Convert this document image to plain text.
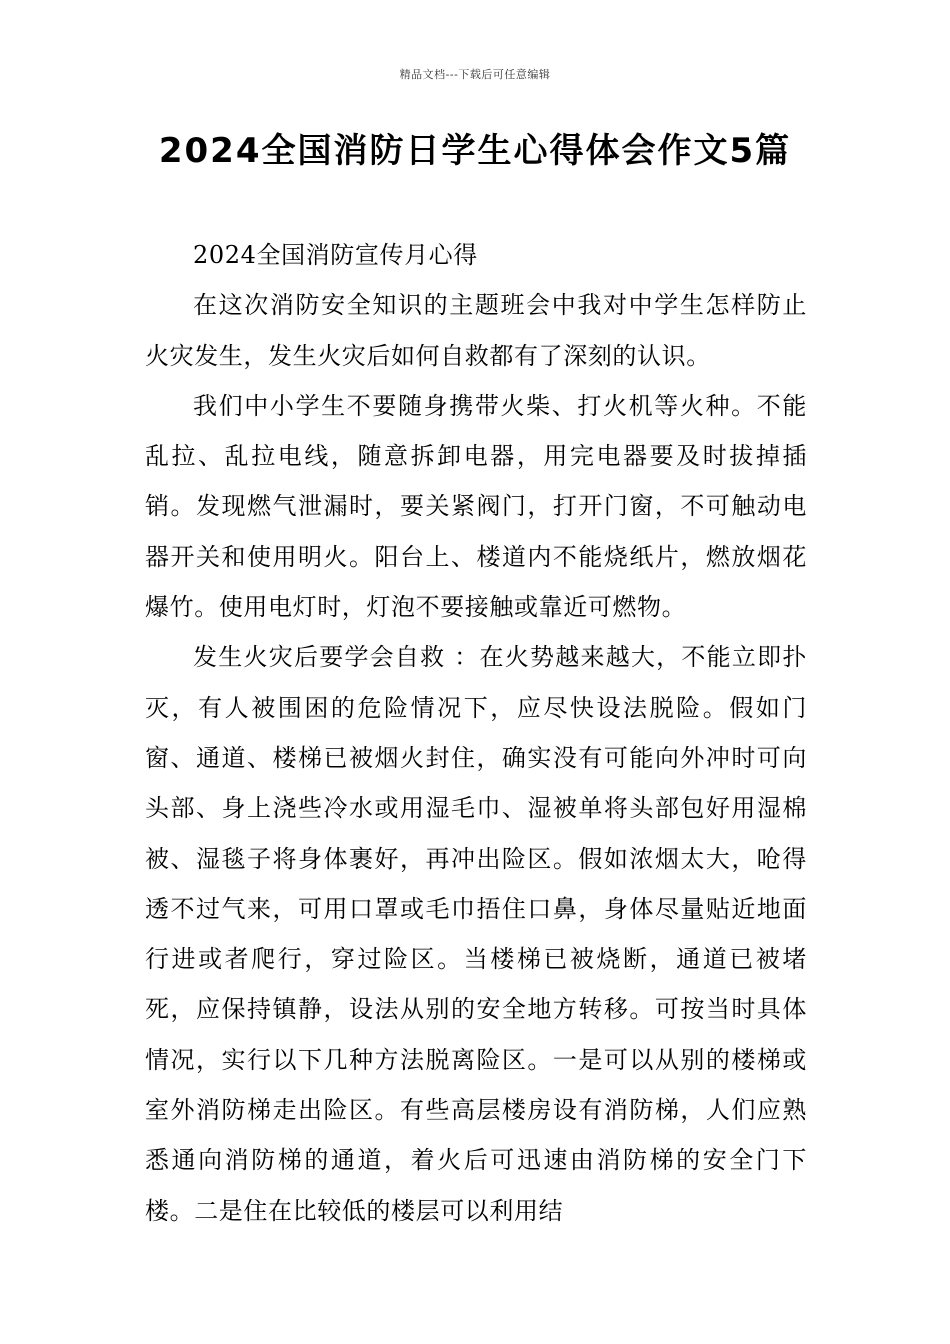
精品文档---下载后可任意编辑
2024全国消防日学生心得体会作文5篇

2024全国消防宣传月心得

在这次消防安全知识的主题班会中我对中学生怎样防止火灾发生，发生火灾后如何自救都有了深刻的认识。

我们中小学生不要随身携带火柴、打火机等火种。不能乱拉、乱拉电线，随意拆卸电器，用完电器要及时拔掉插销。发现燃气泄漏时，要关紧阀门，打开门窗，不可触动电器开关和使用明火。阳台上、楼道内不能烧纸片，燃放烟花爆竹。使用电灯时，灯泡不要接触或靠近可燃物。

发生火灾后要学会自救 ：在火势越来越大，不能立即扑灭，有人被围困的危险情况下，应尽快设法脱险。假如门窗、通道、楼梯已被烟火封住，确实没有可能向外冲时可向头部、身上浇些冷水或用湿毛巾、湿被单将头部包好用湿棉被、湿毯子将身体裹好，再冲出险区。假如浓烟太大，呛得透不过气来，可用口罩或毛巾捂住口鼻，身体尽量贴近地面行进或者爬行，穿过险区。当楼梯已被烧断，通道已被堵死，应保持镇静，设法从别的安全地方转移。可按当时具体情况，实行以下几种方法脱离险区。一是可以从别的楼梯或室外消防梯走出险区。有些高层楼房设有消防梯，人们应熟悉通向消防梯的通道，着火后可迅速由消防梯的安全门下楼。二是住在比较低的楼层可以利用结
